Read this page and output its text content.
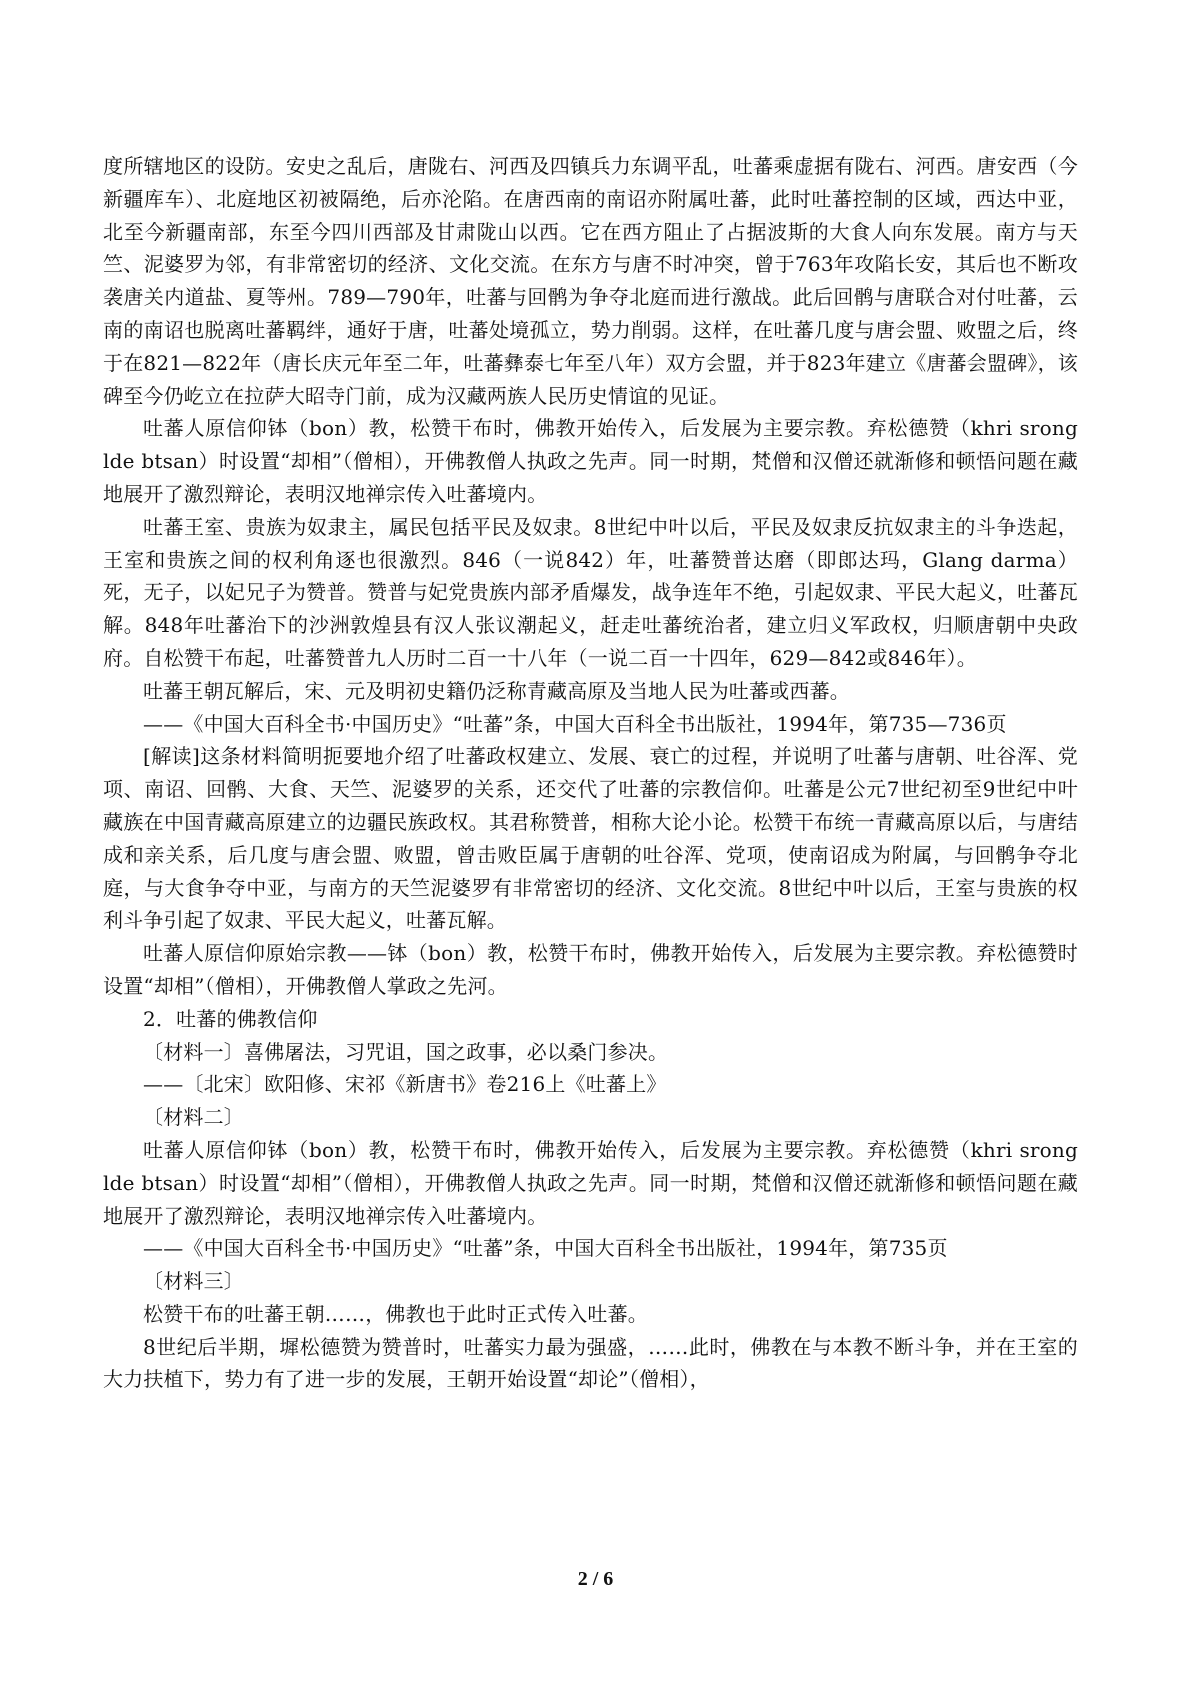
度所辖地区的设防。安史之乱后，唐陇右、河西及四镇兵力东调平乱，吐蕃乘虚据有陇右、河西。唐安西（今新疆库车）、北庭地区初被隔绝，后亦沦陷。在唐西南的南诏亦附属吐蕃，此时吐蕃控制的区域，西达中亚，北至今新疆南部，东至今四川西部及甘肃陇山以西。它在西方阻止了占据波斯的大食人向东发展。南方与天竺、泥婆罗为邻，有非常密切的经济、文化交流。在东方与唐不时冲突，曾于763年攻陷长安，其后也不断攻袭唐关内道盐、夏等州。789—790年，吐蕃与回鹘为争夺北庭而进行激战。此后回鹘与唐联合对付吐蕃，云南的南诏也脱离吐蕃羁绊，通好于唐，吐蕃处境孤立，势力削弱。这样，在吐蕃几度与唐会盟、败盟之后，终于在821—822年（唐长庆元年至二年，吐蕃彝泰七年至八年）双方会盟，并于823年建立《唐蕃会盟碑》，该碑至今仍屹立在拉萨大昭寺门前，成为汉藏两族人民历史情谊的见证。

吐蕃人原信仰钵（bon）教，松赞干布时，佛教开始传入，后发展为主要宗教。弃松德赞（khri srong lde btsan）时设置“却相”（僧相），开佛教僧人执政之先声。同一时期，梵僧和汉僧还就渐修和顿悟问题在藏地展开了激烈辩论，表明汉地禅宗传入吐蕃境内。

吐蕃王室、贵族为奴隶主，属民包括平民及奴隶。8世纪中叶以后，平民及奴隶反抗奴隶主的斗争迭起，王室和贵族之间的权利角逐也很激烈。846（一说842）年，吐蕃赞普达磨（即郎达玛，Glang darma）死，无子，以妃兄子为赞普。赞普与妃党贵族内部矛盾爆发，战争连年不绝，引起奴隶、平民大起义，吐蕃瓦解。848年吐蕃治下的沙洲敦煌县有汉人张议潮起义，赶走吐蕃统治者，建立归义军政权，归顺唐朝中央政府。自松赞干布起，吐蕃赞普九人历时二百一十八年（一说二百一十四年，629—842或846年）。

吐蕃王朝瓦解后，宋、元及明初史籍仍泛称青藏高原及当地人民为吐蕃或西蕃。

——《中国大百科全书·中国历史》“吐蕃”条，中国大百科全书出版社，1994年，第735—736页

[解读]这条材料简明扼要地介绍了吐蕃政权建立、发展、衰亡的过程，并说明了吐蕃与唐朝、吐谷浑、党项、南诏、回鹘、大食、天竺、泥婆罗的关系，还交代了吐蕃的宗教信仰。吐蕃是公元7世纪初至9世纪中叶藏族在中国青藏高原建立的边疆民族政权。其君称赞普，相称大论小论。松赞干布统一青藏高原以后，与唐结成和亲关系，后几度与唐会盟、败盟，曾击败臣属于唐朝的吐谷浑、党项，使南诏成为附属，与回鹘争夺北庭，与大食争夺中亚，与南方的天竺泥婆罗有非常密切的经济、文化交流。8世纪中叶以后，王室与贵族的权利斗争引起了奴隶、平民大起义，吐蕃瓦解。

吐蕃人原信仰原始宗教——钵（bon）教，松赞干布时，佛教开始传入，后发展为主要宗教。弃松德赞时设置“却相”（僧相），开佛教僧人掌政之先河。

2．吐蕃的佛教信仰

〔材料一〕喜佛屠法，习咒诅，国之政事，必以桑门参决。

——〔北宋〕欧阳修、宋祁《新唐书》卷216上《吐蕃上》

〔材料二〕

吐蕃人原信仰钵（bon）教，松赞干布时，佛教开始传入，后发展为主要宗教。弃松德赞（khri srong lde btsan）时设置“却相”（僧相），开佛教僧人执政之先声。同一时期，梵僧和汉僧还就渐修和顿悟问题在藏地展开了激烈辩论，表明汉地禅宗传入吐蕃境内。

——《中国大百科全书·中国历史》“吐蕃”条，中国大百科全书出版社，1994年，第735页

〔材料三〕

松赞干布的吐蕃王朝……，佛教也于此时正式传入吐蕃。

8世纪后半期，墀松德赞为赞普时，吐蕃实力最为强盛，……此时，佛教在与本教不断斗争，并在王室的大力扶植下，势力有了进一步的发展，王朝开始设置“却论”（僧相），

2 / 6
